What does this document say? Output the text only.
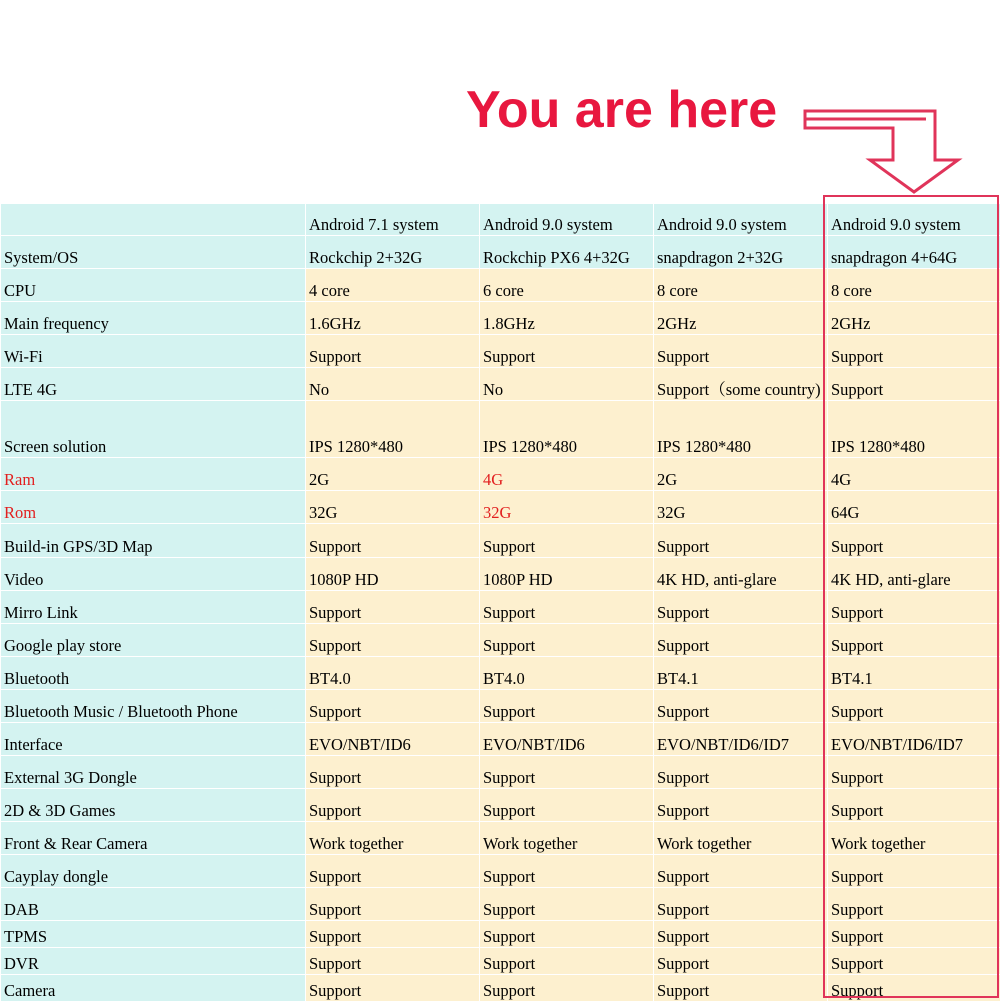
You are here
	Android 7.1 system	Android 9.0 system	Android 9.0 system	Android 9.0 system
System/OS	Rockchip 2+32G	Rockchip PX6 4+32G	snapdragon 2+32G	snapdragon 4+64G
CPU	4 core	6 core	8 core	8 core
Main frequency	1.6GHz	1.8GHz	2GHz	2GHz
Wi-Fi	Support	Support	Support	Support
LTE 4G	No	No	Support（some country)	Support
Screen solution	IPS 1280*480	IPS 1280*480	IPS 1280*480	IPS 1280*480
Ram	2G	4G	2G	4G
Rom	32G	32G	32G	64G
Build-in GPS/3D Map	Support	Support	Support	Support
Video	1080P HD	1080P HD	4K HD, anti-glare	4K HD, anti-glare
Mirro Link	Support	Support	Support	Support
Google play store	Support	Support	Support	Support
Bluetooth	BT4.0	BT4.0	BT4.1	BT4.1
Bluetooth Music / Bluetooth Phone	Support	Support	Support	Support
Interface	EVO/NBT/ID6	EVO/NBT/ID6	EVO/NBT/ID6/ID7	EVO/NBT/ID6/ID7
External 3G Dongle	Support	Support	Support	Support
2D & 3D Games	Support	Support	Support	Support
Front & Rear Camera	Work together	Work together	Work together	Work together
Cayplay dongle	Support	Support	Support	Support
DAB	Support	Support	Support	Support
TPMS	Support	Support	Support	Support
DVR	Support	Support	Support	Support
Camera	Support	Support	Support	Support
